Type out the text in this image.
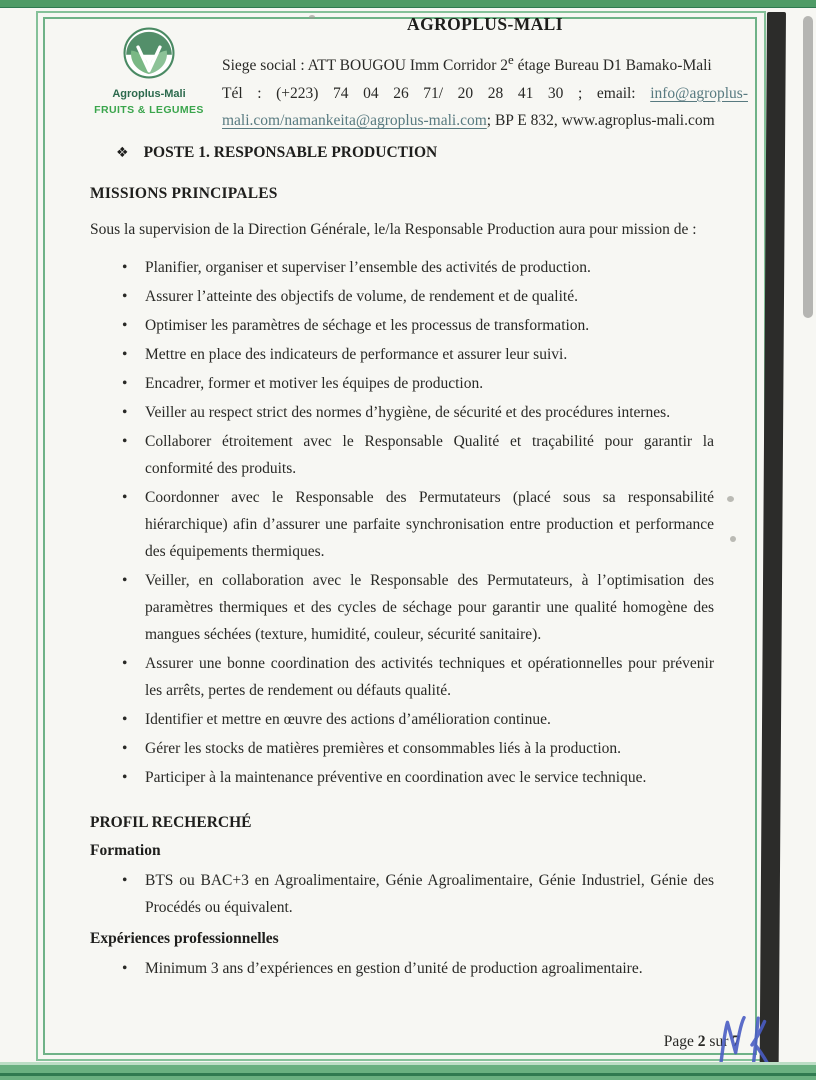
Agroplus-Mali
FRUITS & LEGUMES
AGROPLUS-MALI
Siege social : ATT BOUGOU Imm Corridor 2e étage Bureau D1 Bamako-Mali
Tél : (+223) 74 04 26 71/ 20 28 41 30 ; email: info@agroplus-
mali.com/namankeita@agroplus-mali.com; BP E 832, www.agroplus-mali.com
❖ POSTE 1. RESPONSABLE PRODUCTION
MISSIONS PRINCIPALES
Sous la supervision de la Direction Générale, le/la Responsable Production aura pour mission de :
• Planifier, organiser et superviser l’ensemble des activités de production.
• Assurer l’atteinte des objectifs de volume, de rendement et de qualité.
• Optimiser les paramètres de séchage et les processus de transformation.
• Mettre en place des indicateurs de performance et assurer leur suivi.
• Encadrer, former et motiver les équipes de production.
• Veiller au respect strict des normes d’hygiène, de sécurité et des procédures internes.
• Collaborer étroitement avec le Responsable Qualité et traçabilité pour garantir la conformité des produits.
• Coordonner avec le Responsable des Permutateurs (placé sous sa responsabilité hiérarchique) afin d’assurer une parfaite synchronisation entre production et performance des équipements thermiques.
• Veiller, en collaboration avec le Responsable des Permutateurs, à l’optimisation des paramètres thermiques et des cycles de séchage pour garantir une qualité homogène des mangues séchées (texture, humidité, couleur, sécurité sanitaire).
• Assurer une bonne coordination des activités techniques et opérationnelles pour prévenir les arrêts, pertes de rendement ou défauts qualité.
• Identifier et mettre en œuvre des actions d’amélioration continue.
• Gérer les stocks de matières premières et consommables liés à la production.
• Participer à la maintenance préventive en coordination avec le service technique.
PROFIL RECHERCHÉ
Formation
• BTS ou BAC+3 en Agroalimentaire, Génie Agroalimentaire, Génie Industriel, Génie des Procédés ou équivalent.
Expériences professionnelles
• Minimum 3 ans d’expériences en gestion d’unité de production agroalimentaire.
Page 2 sur 7
